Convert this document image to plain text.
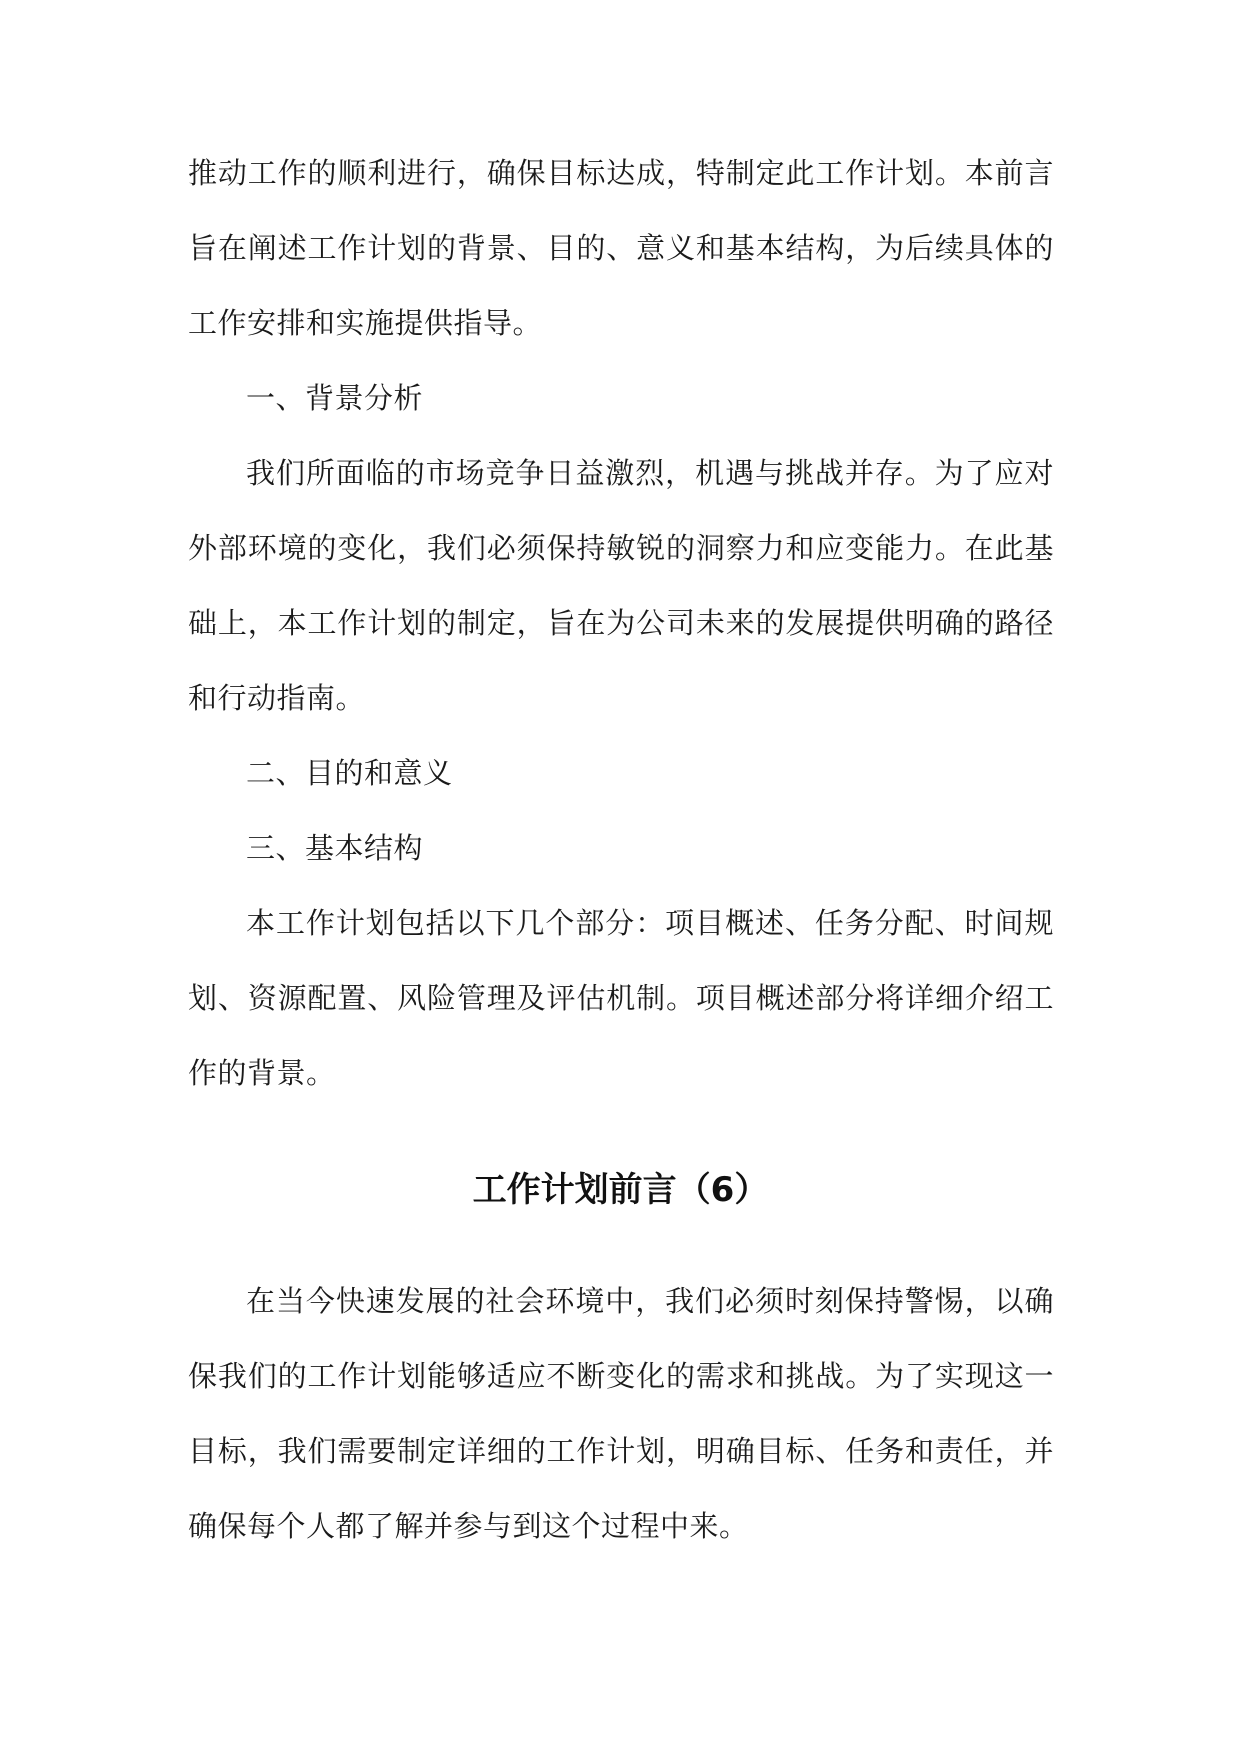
推动工作的顺利进行，确保目标达成，特制定此工作计划。本前言旨在阐述工作计划的背景、目的、意义和基本结构，为后续具体的工作安排和实施提供指导。

一、背景分析

我们所面临的市场竞争日益激烈，机遇与挑战并存。为了应对外部环境的变化，我们必须保持敏锐的洞察力和应变能力。在此基础上，本工作计划的制定，旨在为公司未来的发展提供明确的路径和行动指南。

二、目的和意义

三、基本结构

本工作计划包括以下几个部分：项目概述、任务分配、时间规划、资源配置、风险管理及评估机制。项目概述部分将详细介绍工作的背景。

工作计划前言（6）

在当今快速发展的社会环境中，我们必须时刻保持警惕，以确保我们的工作计划能够适应不断变化的需求和挑战。为了实现这一目标，我们需要制定详细的工作计划，明确目标、任务和责任，并确保每个人都了解并参与到这个过程中来。
